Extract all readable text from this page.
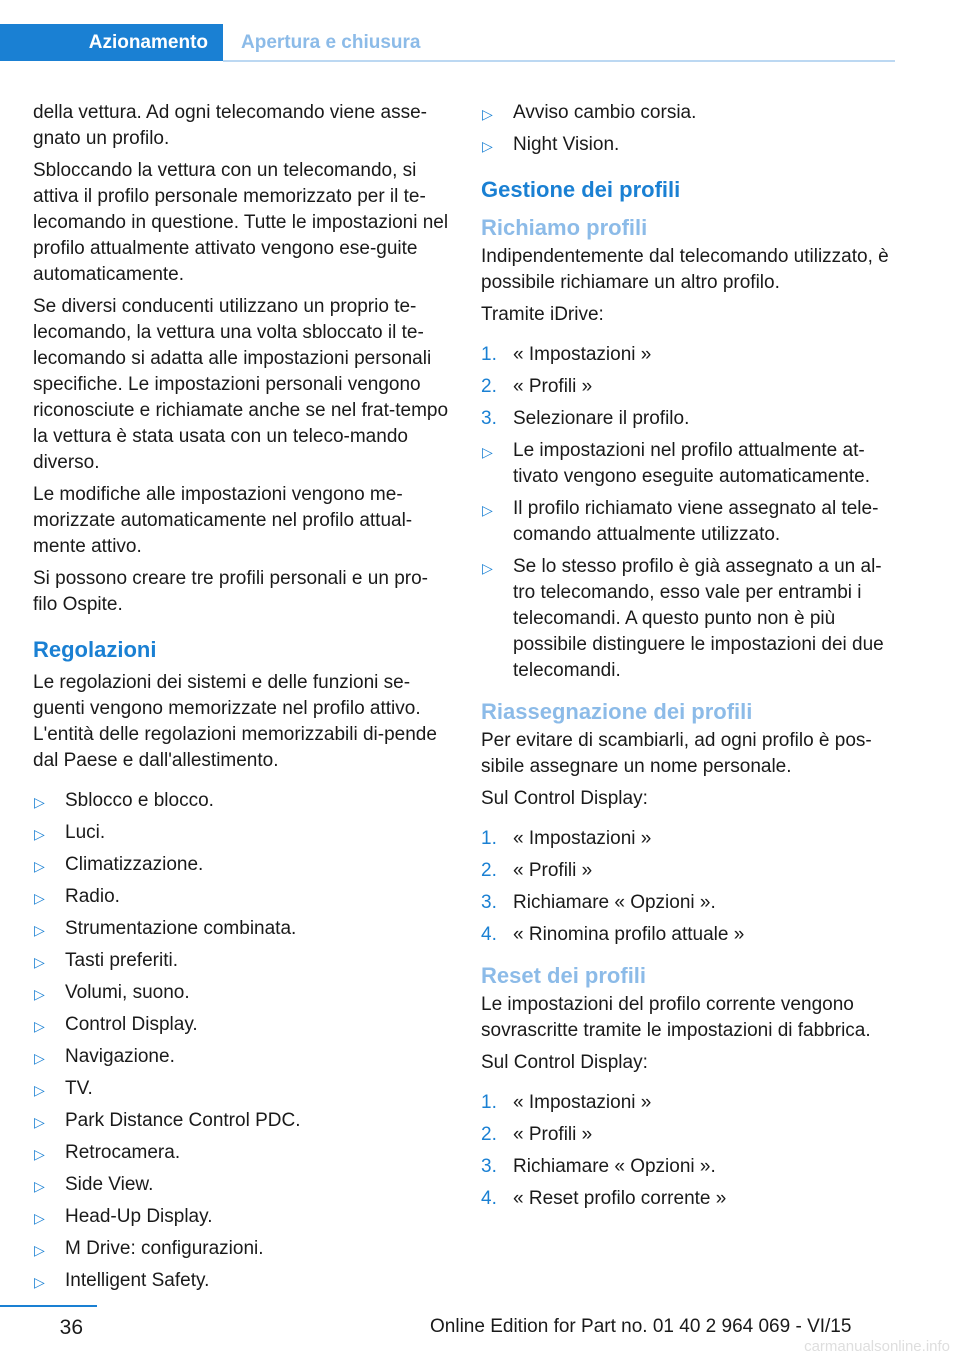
Azionamento	Apertura e chiusura

della vettura. Ad ogni telecomando viene asse‐gnato un profilo.

Sbloccando la vettura con un telecomando, si attiva il profilo personale memorizzato per il te‐lecomando in questione. Tutte le impostazioni nel profilo attualmente attivato vengono ese‐guite automaticamente.

Se diversi conducenti utilizzano un proprio te‐lecomando, la vettura una volta sbloccato il te‐lecomando si adatta alle impostazioni personali specifiche. Le impostazioni personali vengono riconosciute e richiamate anche se nel frat‐tempo la vettura è stata usata con un teleco‐mando diverso.

Le modifiche alle impostazioni vengono me‐morizzate automaticamente nel profilo attual‐mente attivo.

Si possono creare tre profili personali e un pro‐filo Ospite.

Regolazioni

Le regolazioni dei sistemi e delle funzioni se‐guenti vengono memorizzate nel profilo attivo. L'entità delle regolazioni memorizzabili di‐pende dal Paese e dall'allestimento.

▷ Sblocco e blocco.
▷ Luci.
▷ Climatizzazione.
▷ Radio.
▷ Strumentazione combinata.
▷ Tasti preferiti.
▷ Volumi, suono.
▷ Control Display.
▷ Navigazione.
▷ TV.
▷ Park Distance Control PDC.
▷ Retrocamera.
▷ Side View.
▷ Head-Up Display.
▷ M Drive: configurazioni.
▷ Intelligent Safety.
▷ Avviso cambio corsia.
▷ Night Vision.
Gestione dei profili
Richiamo profili

Indipendentemente dal telecomando utilizzato, è possibile richiamare un altro profilo.

Tramite iDrive:

1. « Impostazioni »
2. « Profili »
3. Selezionare il profilo.
▷ Le impostazioni nel profilo attualmente at‐tivato vengono eseguite automaticamente.
▷ Il profilo richiamato viene assegnato al tele‐comando attualmente utilizzato.
▷ Se lo stesso profilo è già assegnato a un al‐tro telecomando, esso vale per entrambi i telecomandi. A questo punto non è più possibile distinguere le impostazioni dei due telecomandi.
Riassegnazione dei profili

Per evitare di scambiarli, ad ogni profilo è pos‐sibile assegnare un nome personale.

Sul Control Display:

1. « Impostazioni »
2. « Profili »
3. Richiamare « Opzioni ».
4. « Rinomina profilo attuale »
Reset dei profili

Le impostazioni del profilo corrente vengono sovrascritte tramite le impostazioni di fabbrica.

Sul Control Display:

1. « Impostazioni »
2. « Profili »
3. Richiamare « Opzioni ».
4. « Reset profilo corrente »
36	Online Edition for Part no. 01 40 2 964 069 - VI/15
carmanualsonline.info
